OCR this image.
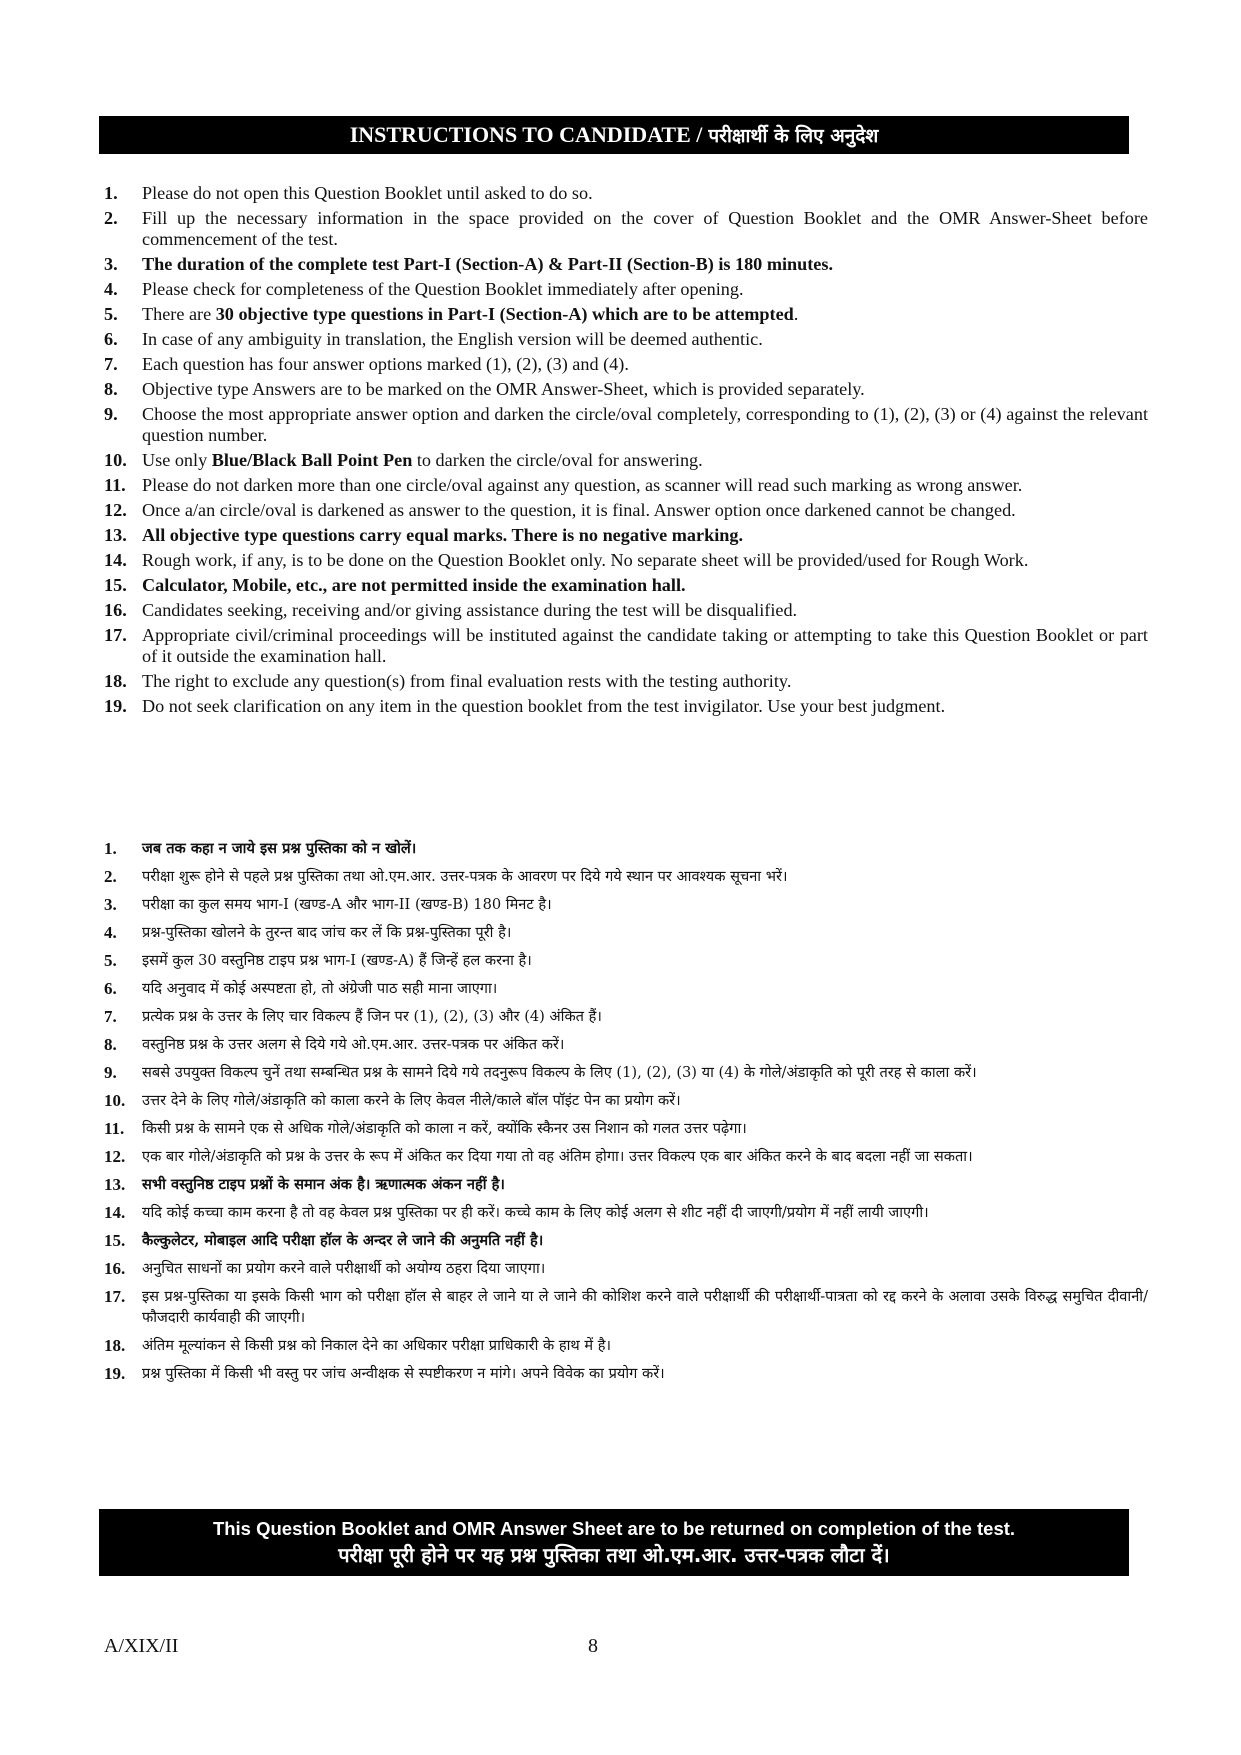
INSTRUCTIONS TO CANDIDATE / परीक्षार्थी के लिए अनुदेश
1.	Please do not open this Question Booklet until asked to do so.
2.	Fill up the necessary information in the space provided on the cover of Question Booklet and the OMR Answer-Sheet before commencement of the test.
3.	The duration of the complete test Part-I (Section-A) & Part-II (Section-B) is 180 minutes.
4.	Please check for completeness of the Question Booklet immediately after opening.
5.	There are 30 objective type questions in Part-I (Section-A) which are to be attempted.
6.	In case of any ambiguity in translation, the English version will be deemed authentic.
7.	Each question has four answer options marked (1), (2), (3) and (4).
8.	Objective type Answers are to be marked on the OMR Answer-Sheet, which is provided separately.
9.	Choose the most appropriate answer option and darken the circle/oval completely, corresponding to (1), (2), (3) or (4) against the relevant question number.
10. Use only Blue/Black Ball Point Pen to darken the circle/oval for answering.
11. Please do not darken more than one circle/oval against any question, as scanner will read such marking as wrong answer.
12. Once a/an circle/oval is darkened as answer to the question, it is final. Answer option once darkened cannot be changed.
13. All objective type questions carry equal marks. There is no negative marking.
14. Rough work, if any, is to be done on the Question Booklet only. No separate sheet will be provided/used for Rough Work.
15. Calculator, Mobile, etc., are not permitted inside the examination hall.
16. Candidates seeking, receiving and/or giving assistance during the test will be disqualified.
17. Appropriate civil/criminal proceedings will be instituted against the candidate taking or attempting to take this Question Booklet or part of it outside the examination hall.
18. The right to exclude any question(s) from final evaluation rests with the testing authority.
19. Do not seek clarification on any item in the question booklet from the test invigilator. Use your best judgment.
1.	जब तक कहा न जाये इस प्रश्न पुस्तिका को न खोलें।
2.	परीक्षा शुरू होने से पहले प्रश्न पुस्तिका तथा ओ.एम.आर. उत्तर-पत्रक के आवरण पर दिये गये स्थान पर आवश्यक सूचना भरें।
3.	परीक्षा का कुल समय भाग-I (खण्ड-A और भाग-II (खण्ड-B) 180 मिनट है।
4.	प्रश्न-पुस्तिका खोलने के तुरन्त बाद जांच कर लें कि प्रश्न-पुस्तिका पूरी है।
5.	इसमें कुल 30 वस्तुनिष्ठ टाइप प्रश्न भाग-I (खण्ड-A) हैं जिन्हें हल करना है।
6.	यदि अनुवाद में कोई अस्पष्टता हो, तो अंग्रेजी पाठ सही माना जाएगा।
7.	प्रत्येक प्रश्न के उत्तर के लिए चार विकल्प हैं जिन पर (1), (2), (3) और (4) अंकित हैं।
8.	वस्तुनिष्ठ प्रश्न के उत्तर अलग से दिये गये ओ.एम.आर. उत्तर-पत्रक पर अंकित करें।
9.	सबसे उपयुक्त विकल्प चुनें तथा सम्बन्धित प्रश्न के सामने दिये गये तदनुरूप विकल्प के लिए (1), (2), (3) या (4) के गोले/अंडाकृति को पूरी तरह से काला करें।
10.	उत्तर देने के लिए गोले/अंडाकृति को काला करने के लिए केवल नीले/काले बॉल पॉइंट पेन का प्रयोग करें।
11.	किसी प्रश्न के सामने एक से अधिक गोले/अंडाकृति को काला न करें, क्योंकि स्कैनर उस निशान को गलत उत्तर पढ़ेगा।
12.	एक बार गोले/अंडाकृति को प्रश्न के उत्तर के रूप में अंकित कर दिया गया तो वह अंतिम होगा। उत्तर विकल्प एक बार अंकित करने के बाद बदला नहीं जा सकता।
13.	सभी वस्तुनिष्ठ टाइप प्रश्नों के समान अंक है। ऋणात्मक अंकन नहीं है।
14.	यदि कोई कच्चा काम करना है तो वह केवल प्रश्न पुस्तिका पर ही करें। कच्चे काम के लिए कोई अलग से शीट नहीं दी जाएगी/प्रयोग में नहीं लायी जाएगी।
15.	कैल्कुलेटर, मोबाइल आदि परीक्षा हॉल के अन्दर ले जाने की अनुमति नहीं है।
16.	अनुचित साधनों का प्रयोग करने वाले परीक्षार्थी को अयोग्य ठहरा दिया जाएगा।
17.	इस प्रश्न-पुस्तिका या इसके किसी भाग को परीक्षा हॉल से बाहर ले जाने या ले जाने की कोशिश करने वाले परीक्षार्थी की परीक्षार्थी-पात्रता को रद्द करने के अलावा उसके विरुद्ध समुचित दीवानी/फौजदारी कार्यवाही की जाएगी।
18.	अंतिम मूल्यांकन से किसी प्रश्न को निकाल देने का अधिकार परीक्षा प्राधिकारी के हाथ में है।
19.	प्रश्न पुस्तिका में किसी भी वस्तु पर जांच अन्वीक्षक से स्पष्टीकरण न मांगे। अपने विवेक का प्रयोग करें।
This Question Booklet and OMR Answer Sheet are to be returned on completion of the test.
परीक्षा पूरी होने पर यह प्रश्न पुस्तिका तथा ओ.एम.आर. उत्तर-पत्रक लौटा दें।
A/XIX/II	8
